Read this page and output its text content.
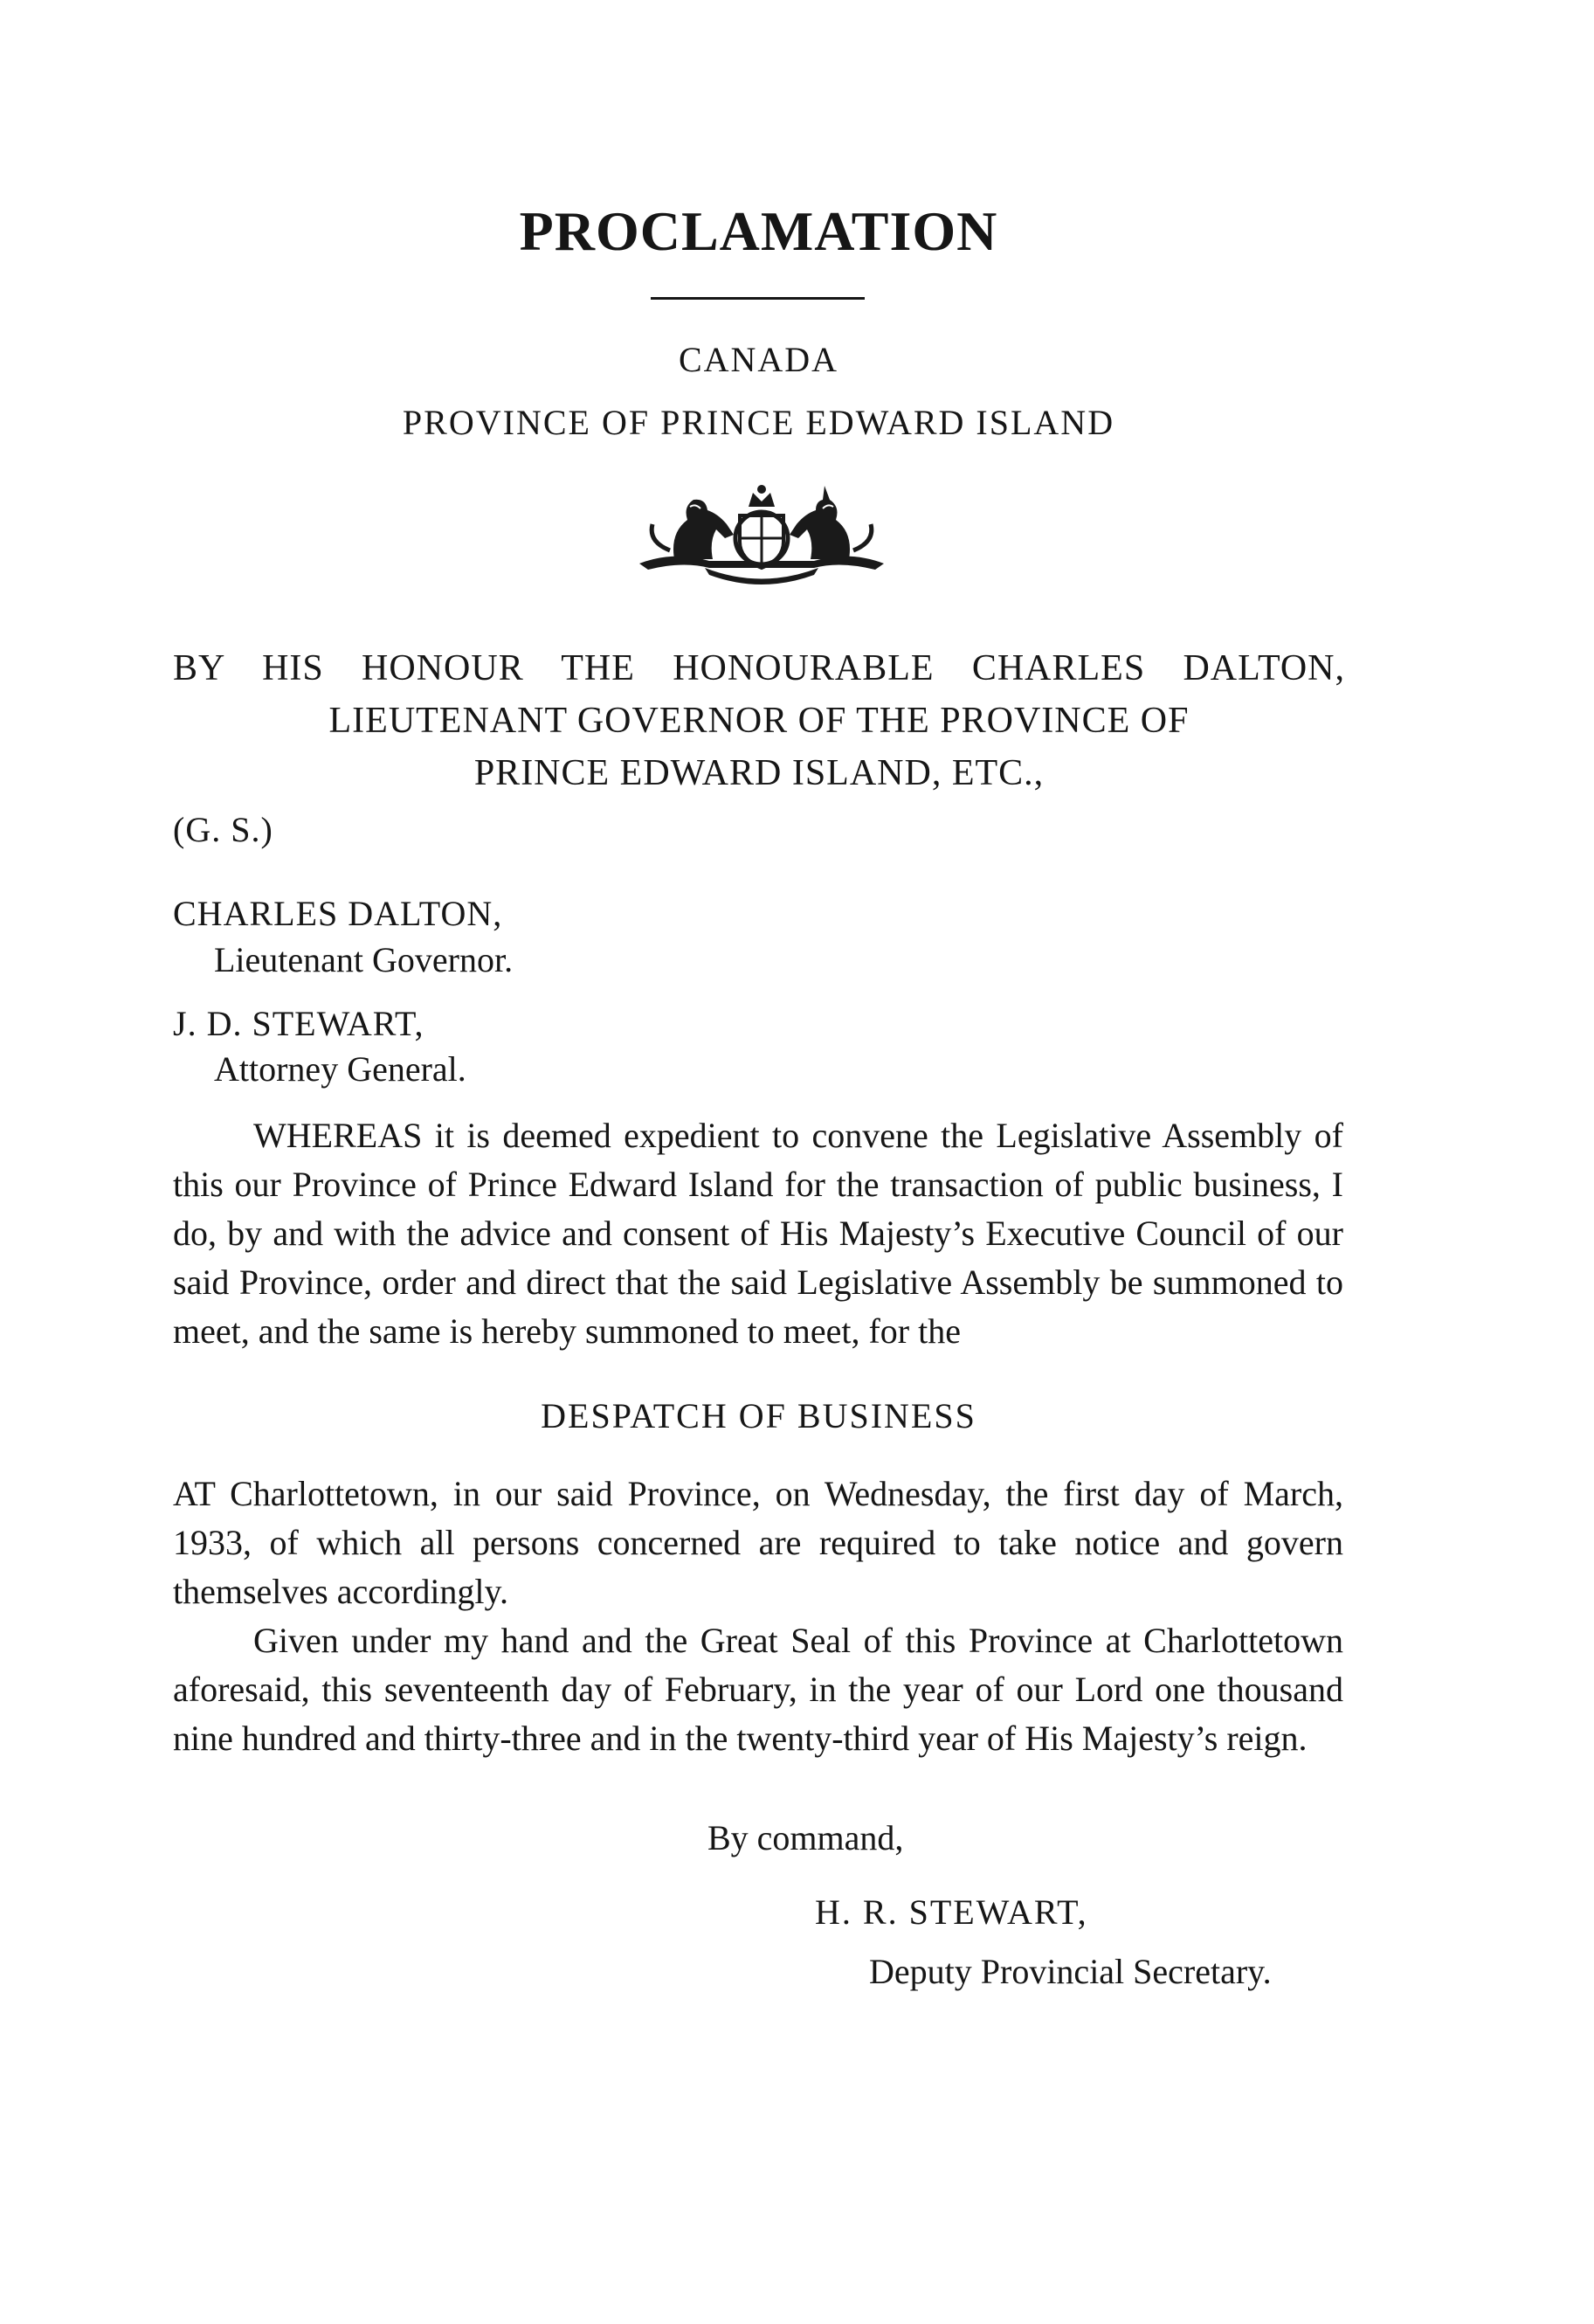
PROCLAMATION
CANADA
PROVINCE OF PRINCE EDWARD ISLAND
BY HIS HONOUR THE HONOURABLE CHARLES DALTON,
LIEUTENANT GOVERNOR OF THE PROVINCE OF
PRINCE EDWARD ISLAND, ETC.,
(G. S.)
CHARLES DALTON,
Lieutenant Governor.
J. D. STEWART,
Attorney General.
WHEREAS it is deemed expedient to convene the Legislative Assembly of this our Province of Prince Edward Island for the transaction of public business, I do, by and with the advice and consent of His Majesty’s Executive Council of our said Province, order and direct that the said Legislative Assembly be summoned to meet, and the same is hereby summoned to meet, for the
DESPATCH OF BUSINESS
AT Charlottetown, in our said Province, on Wednesday, the first day of March, 1933, of which all persons concerned are required to take notice and govern themselves accordingly.
Given under my hand and the Great Seal of this Province at Charlottetown aforesaid, this seventeenth day of February, in the year of our Lord one thousand nine hundred and thirty-three and in the twenty-third year of His Majesty’s reign.
By command,
H. R. STEWART,
Deputy Provincial Secretary.
